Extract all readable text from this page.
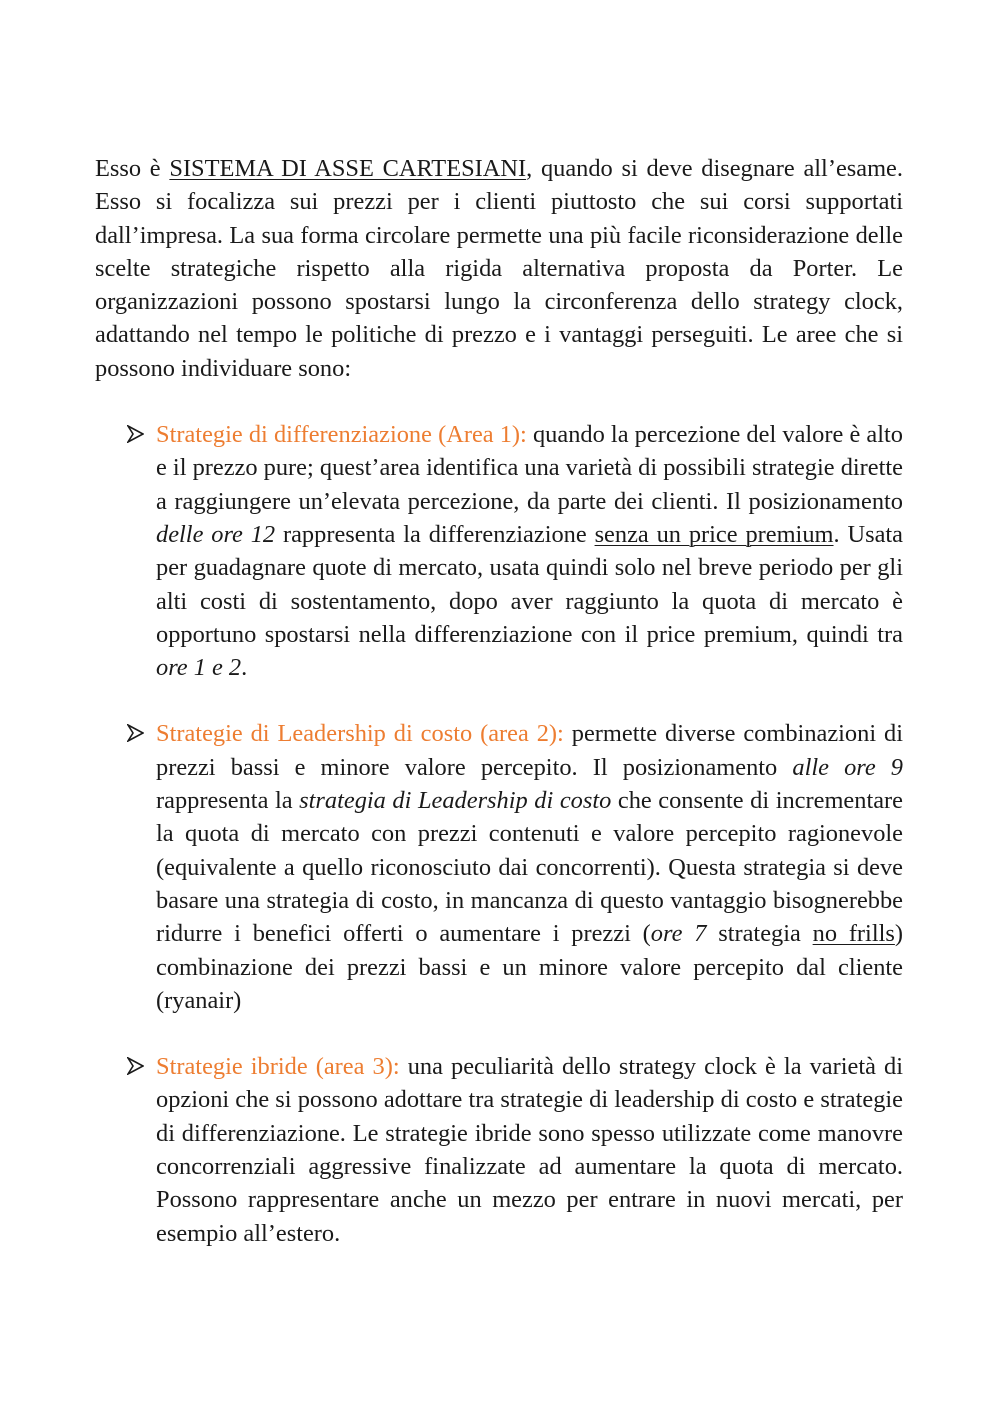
Esso è SISTEMA DI ASSE CARTESIANI, quando si deve disegnare all’esame. Esso si focalizza sui prezzi per i clienti piuttosto che sui corsi supportati dall’impresa. La sua forma circolare permette una più facile riconsiderazione delle scelte strategiche rispetto alla rigida alternativa proposta da Porter. Le organizzazioni possono spostarsi lungo la circonferenza dello strategy clock, adattando nel tempo le politiche di prezzo e i vantaggi perseguiti. Le aree che si possono individuare sono:

Strategie di differenziazione (Area 1): quando la percezione del valore è alto e il prezzo pure; quest’area identifica una varietà di possibili strategie dirette a raggiungere un’elevata percezione, da parte dei clienti. Il posizionamento delle ore 12 rappresenta la differenziazione senza un price premium. Usata per guadagnare quote di mercato, usata quindi solo nel breve periodo per gli alti costi di sostentamento, dopo aver raggiunto la quota di mercato è opportuno spostarsi nella differenziazione con il price premium, quindi tra ore 1 e 2.

Strategie di Leadership di costo (area 2): permette diverse combinazioni di prezzi bassi e minore valore percepito. Il posizionamento alle ore 9 rappresenta la strategia di Leadership di costo che consente di incrementare la quota di mercato con prezzi contenuti e valore percepito ragionevole (equivalente a quello riconosciuto dai concorrenti). Questa strategia si deve basare una strategia di costo, in mancanza di questo vantaggio bisognerebbe ridurre i benefici offerti o aumentare i prezzi (ore 7 strategia no frills) combinazione dei prezzi bassi e un minore valore percepito dal cliente (ryanair)

Strategie ibride (area 3): una peculiarità dello strategy clock è la varietà di opzioni che si possono adottare tra strategie di leadership di costo e strategie di differenziazione. Le strategie ibride sono spesso utilizzate come manovre concorrenziali aggressive finalizzate ad aumentare la quota di mercato. Possono rappresentare anche un mezzo per entrare in nuovi mercati, per esempio all’estero.
